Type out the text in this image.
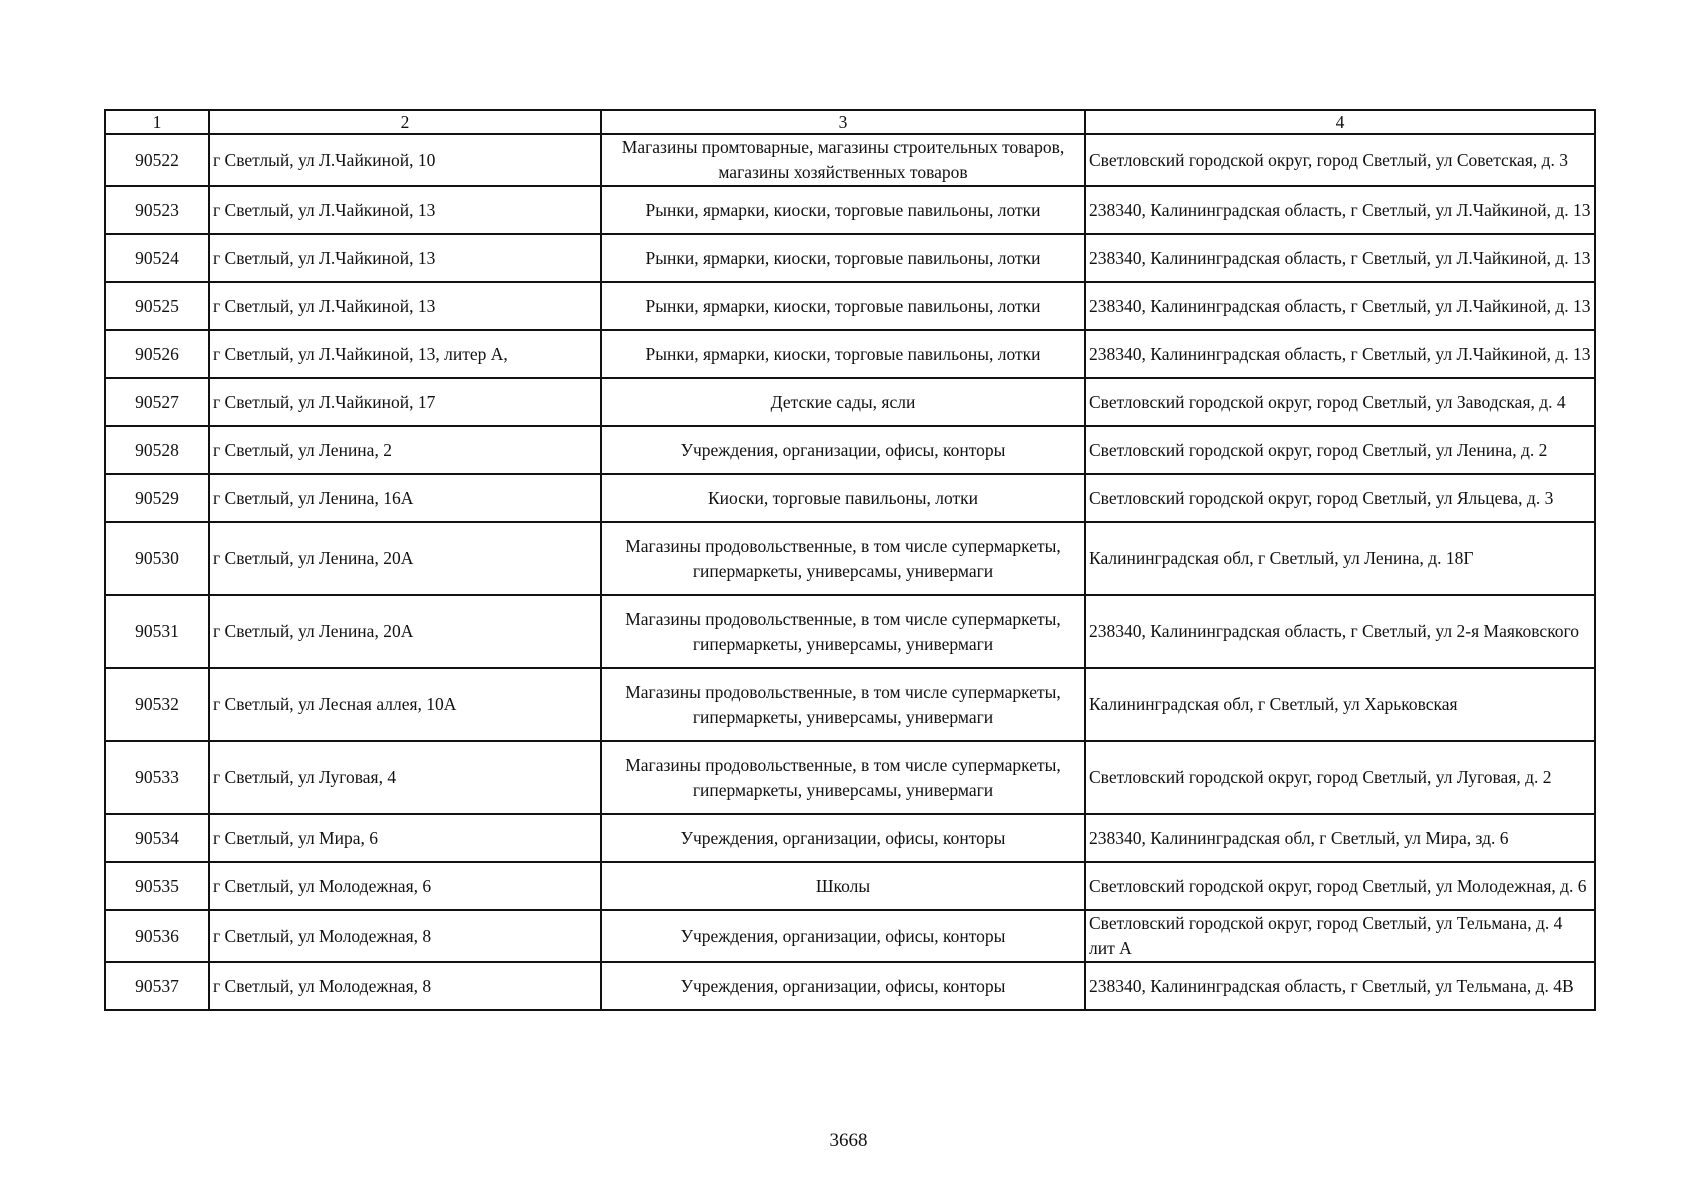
1	2	3	4
90522	г Светлый, ул Л.Чайкиной, 10	Магазины промтоварные, магазины строительных товаров, магазины хозяйственных товаров	Светловский городской округ, город Светлый, ул Советская, д. 3
90523	г Светлый, ул Л.Чайкиной, 13	Рынки, ярмарки, киоски, торговые павильоны, лотки	238340, Калининградская область, г Светлый, ул Л.Чайкиной, д. 13
90524	г Светлый, ул Л.Чайкиной, 13	Рынки, ярмарки, киоски, торговые павильоны, лотки	238340, Калининградская область, г Светлый, ул Л.Чайкиной, д. 13
90525	г Светлый, ул Л.Чайкиной, 13	Рынки, ярмарки, киоски, торговые павильоны, лотки	238340, Калининградская область, г Светлый, ул Л.Чайкиной, д. 13
90526	г Светлый, ул Л.Чайкиной, 13, литер А,	Рынки, ярмарки, киоски, торговые павильоны, лотки	238340, Калининградская область, г Светлый, ул Л.Чайкиной, д. 13
90527	г Светлый, ул Л.Чайкиной, 17	Детские сады, ясли	Светловский городской округ, город Светлый, ул Заводская, д. 4
90528	г Светлый, ул Ленина, 2	Учреждения, организации, офисы, конторы	Светловский городской округ, город Светлый, ул Ленина, д. 2
90529	г Светлый, ул Ленина, 16А	Киоски, торговые павильоны, лотки	Светловский городской округ, город Светлый, ул Яльцева, д. 3
90530	г Светлый, ул Ленина, 20А	Магазины продовольственные, в том числе супермаркеты, гипермаркеты, универсамы, универмаги	Калининградская обл, г Светлый, ул Ленина, д. 18Г
90531	г Светлый, ул Ленина, 20А	Магазины продовольственные, в том числе супермаркеты, гипермаркеты, универсамы, универмаги	238340, Калининградская область, г Светлый, ул 2-я Маяковского
90532	г Светлый, ул Лесная аллея, 10А	Магазины продовольственные, в том числе супермаркеты, гипермаркеты, универсамы, универмаги	Калининградская обл, г Светлый, ул Харьковская
90533	г Светлый, ул Луговая, 4	Магазины продовольственные, в том числе супермаркеты, гипермаркеты, универсамы, универмаги	Светловский городской округ, город Светлый, ул Луговая, д. 2
90534	г Светлый, ул Мира, 6	Учреждения, организации, офисы, конторы	238340, Калининградская обл, г Светлый, ул Мира, зд. 6
90535	г Светлый, ул Молодежная, 6	Школы	Светловский городской округ, город Светлый, ул Молодежная, д. 6
90536	г Светлый, ул Молодежная, 8	Учреждения, организации, офисы, конторы	Светловский городской округ, город Светлый, ул Тельмана, д. 4 лит А
90537	г Светлый, ул Молодежная, 8	Учреждения, организации, офисы, конторы	238340, Калининградская область, г Светлый, ул Тельмана, д. 4В
3668
